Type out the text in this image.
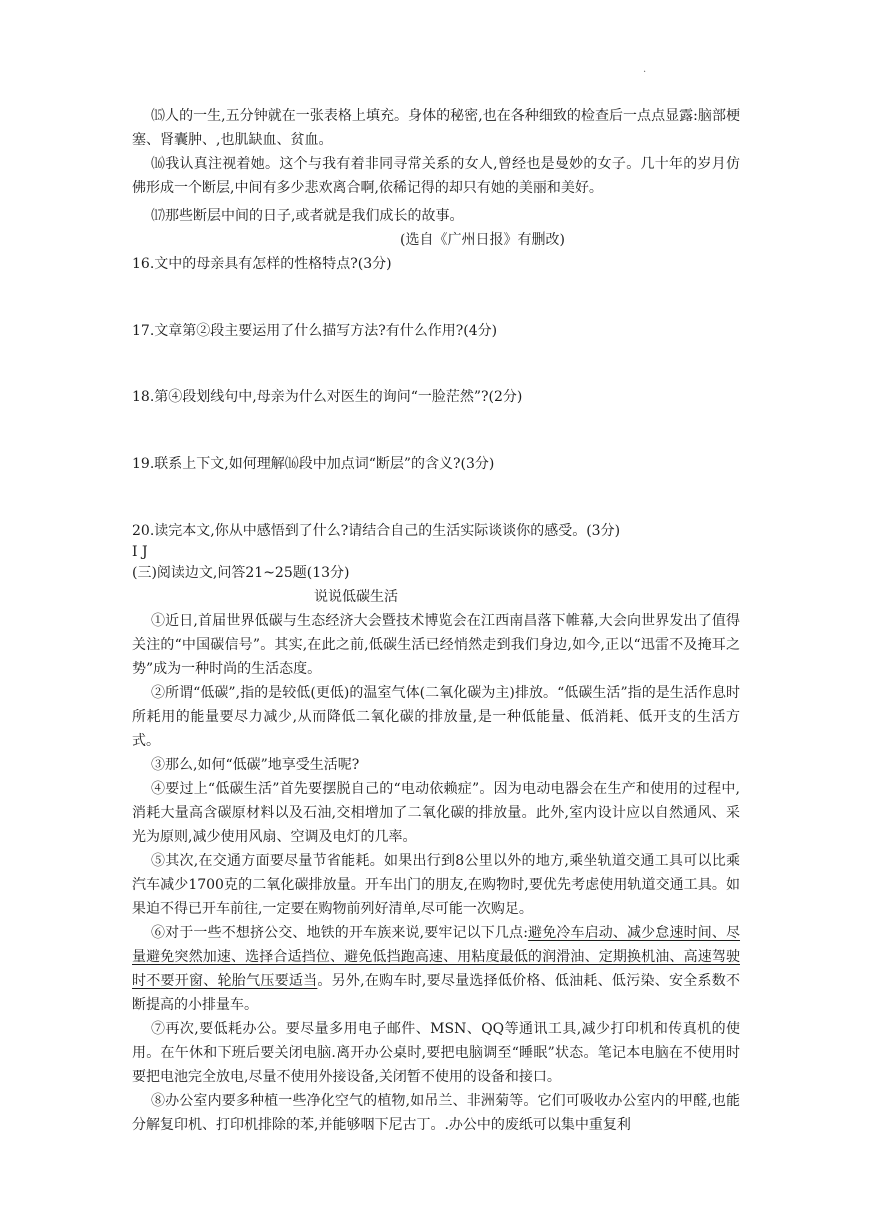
.

⒂人的一生,五分钟就在一张表格上填充。身体的秘密,也在各种细致的检查后一点点显露:脑部梗塞、肾囊肿、,也肌缺血、贫血。

⒃我认真注视着她。这个与我有着非同寻常关系的女人,曾经也是曼妙的女子。几十年的岁月仿佛形成一个断层,中间有多少悲欢离合啊,依稀记得的却只有她的美丽和美好。

⒄那些断层中间的日子,或者就是我们成长的故事。

(选自《广州日报》有删改)

16.文中的母亲具有怎样的性格特点?(3分)

17.文章第②段主要运用了什么描写方法?有什么作用?(4分)

18.第④段划线句中,母亲为什么对医生的询问“一脸茫然”?(2分)

19.联系上下文,如何理解⒃段中加点词“断层”的含义?(3分)

20.读完本文,你从中感悟到了什么?请结合自己的生活实际谈谈你的感受。(3分)

I J

(三)阅读边文,问答21~25题(13分)

说说低碳生活

①近日,首届世界低碳与生态经济大会暨技术博览会在江西南昌落下帷幕,大会向世界发出了值得关注的“中国碳信号”。其实,在此之前,低碳生活已经悄然走到我们身边,如今,正以“迅雷不及掩耳之势”成为一种时尚的生活态度。

②所谓“低碳”,指的是较低(更低)的温室气体(二氧化碳为主)排放。“低碳生活”指的是生活作息时所耗用的能量要尽力减少,从而降低二氧化碳的排放量,是一种低能量、低消耗、低开支的生活方式。

③那么,如何“低碳”地享受生活呢?

④要过上“低碳生活”首先要摆脱自己的“电动依赖症”。因为电动电器会在生产和使用的过程中,消耗大量高含碳原材料以及石油,交相增加了二氧化碳的排放量。此外,室内设计应以自然通风、采光为原则,减少使用风扇、空调及电灯的几率。

⑤其次,在交通方面要尽量节省能耗。如果出行到8公里以外的地方,乘坐轨道交通工具可以比乘汽车减少1700克的二氧化碳排放量。开车出门的朋友,在购物时,要优先考虑使用轨道交通工具。如果迫不得已开车前往,一定要在购物前列好清单,尽可能一次购足。

⑥对于一些不想挤公交、地铁的开车族来说,要牢记以下几点:避免冷车启动、减少怠速时间、尽量避免突然加速、选择合适挡位、避免低挡跑高速、用粘度最低的润滑油、定期换机油、高速驾驶时不要开窗、轮胎气压要适当。另外,在购车时,要尽量选择低价格、低油耗、低污染、安全系数不断提高的小排量车。

⑦再次,要低耗办公。要尽量多用电子邮件、MSN、QQ等通讯工具,减少打印机和传真机的使用。在午休和下班后要关闭电脑.离开办公桌时,要把电脑调至“睡眠”状态。笔记本电脑在不使用时要把电池完全放电,尽量不使用外接设备,关闭暂不使用的设备和接口。

⑧办公室内要多种植一些净化空气的植物,如吊兰、非洲菊等。它们可吸收办公室内的甲醛,也能分解复印机、打印机排除的苯,并能够咽下尼古丁。.办公中的废纸可以集中重复利
